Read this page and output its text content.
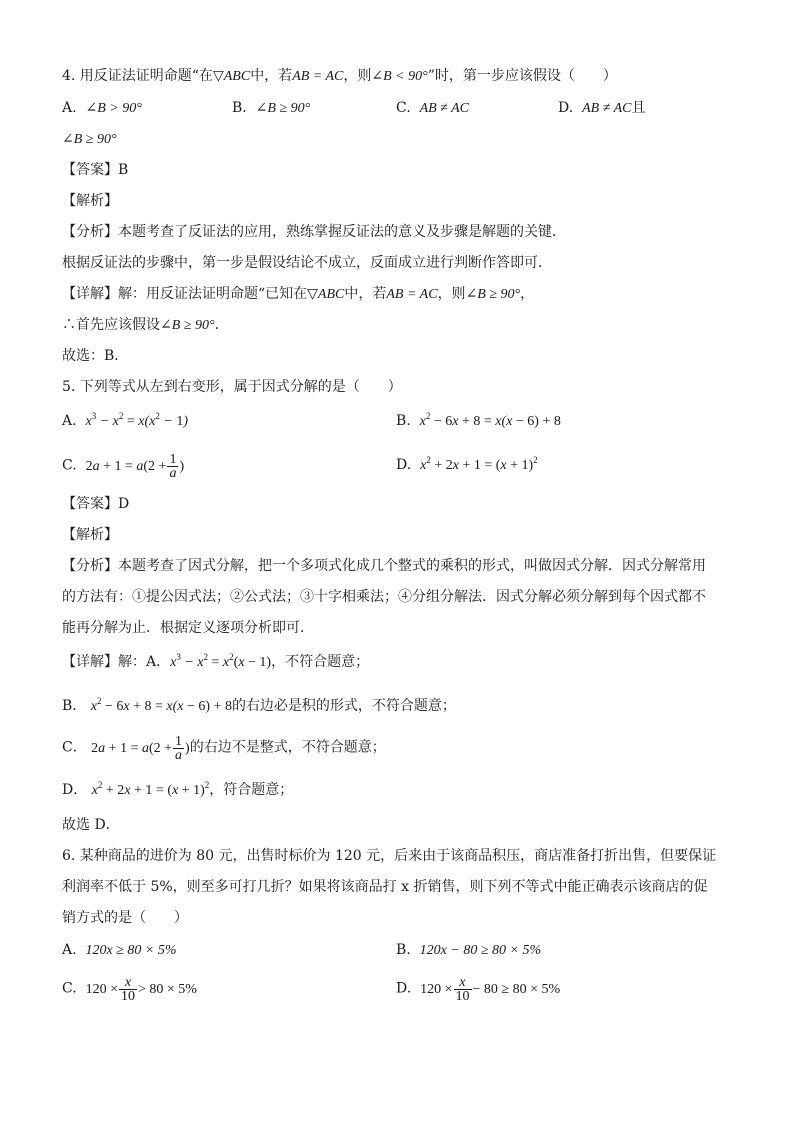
4. 用反证法证明命题“在▽ABC中，若AB = AC，则∠B < 90°”时，第一步应该假设（　　）
A. ∠B > 90°	B. ∠B ≥ 90°	C. AB ≠ AC	D. AB ≠ AC且
∠B ≥ 90°
【答案】B
【解析】
【分析】本题考查了反证法的应用，熟练掌握反证法的意义及步骤是解题的关键．
根据反证法的步骤中，第一步是假设结论不成立，反面成立进行判断作答即可．
【详解】解：用反证法证明命题“已知在▽ABC中，若AB = AC，则∠B ≥ 90°，
∴首先应该假设∠B ≥ 90°．
故选：B．
5. 下列等式从左到右变形，属于因式分解的是（　　）
A. $x^3 - x^2 = x(x^2 - 1)$	B. $x^2 - 6x + 8 = x(x - 6) + 8$
C. $2a + 1 = a(2 + \frac{1}{a}$ )	D. $x^2 + 2x + 1 = (x + 1)^2$
【答案】D
【解析】
【分析】本题考查了因式分解，把一个多项式化成几个整式的乘积的形式，叫做因式分解．因式分解常用
的方法有：①提公因式法；②公式法；③十字相乘法；④分组分解法．因式分解必须分解到每个因式都不
能再分解为止．根据定义逐项分析即可．
【详解】解：A．$x^3 - x^2 = x^2(x - 1)$，不符合题意；
B． $x^2 - 6x + 8 = x(x - 6) + 8$的右边必是积的形式，不符合题意；
C． $2a + 1 = a(2 + \frac{1}{a}$ )的右边不是整式，不符合题意；
D． $x^2 + 2x + 1 = (x + 1)^2$，符合题意；
故选 D．
6. 某种商品的进价为 80 元，出售时标价为 120 元，后来由于该商品积压，商店准备打折出售，但要保证
利润率不低于 5%，则至多可打几折？如果将该商品打 x 折销售，则下列不等式中能正确表示该商店的促
销方式的是（　　）
A. 120x ≥ 80 × 5%	B. 120x − 80 ≥ 80 × 5%
C. $120 \times \frac{x}{10} > 80 \times 5\%$	D. $120 \times \frac{x}{10} - 80 \ge 80 \times 5\%$
